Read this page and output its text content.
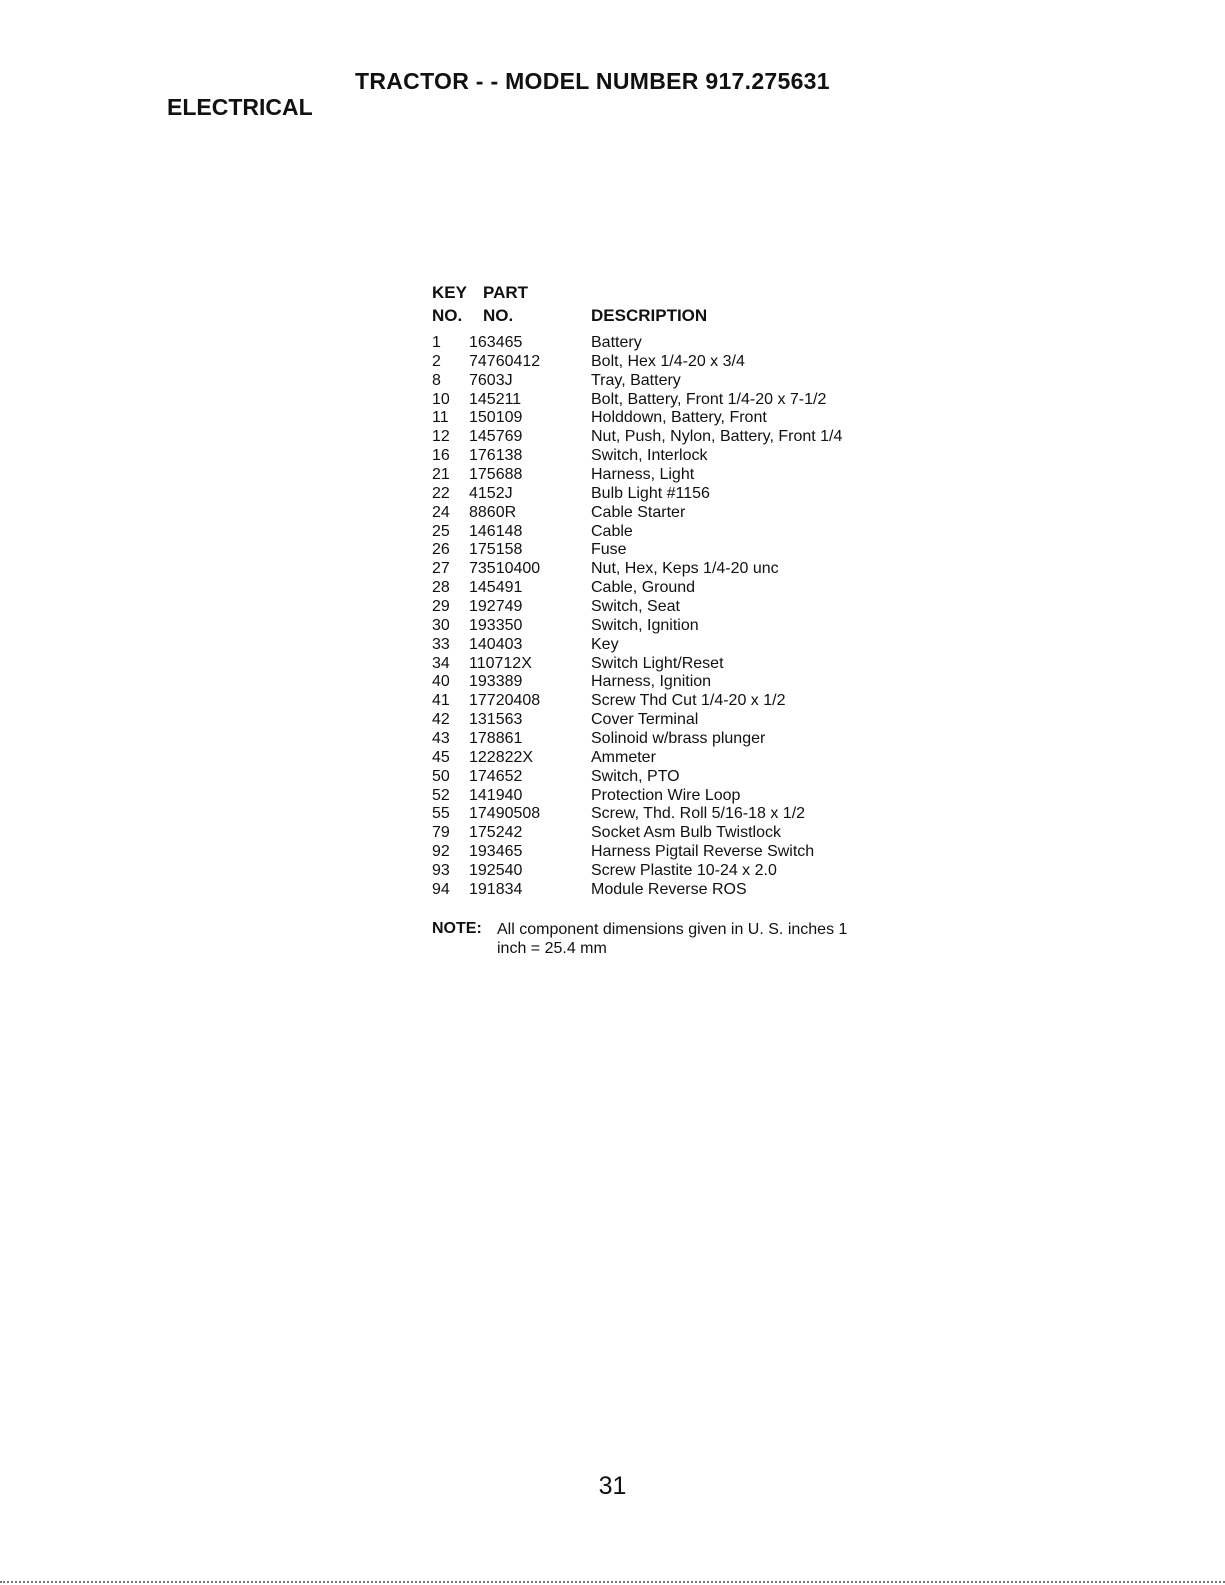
TRACTOR - - MODEL NUMBER 917.275631
ELECTRICAL
KEY
NO.
PART
NO.	DESCRIPTION
1 163465	Battery
2 74760412	Bolt, Hex 1/4-20 x 3/4
8 7603J	Tray, Battery
10 145211	Bolt, Battery, Front 1/4-20 x 7-1/2
11 150109	Holddown, Battery, Front
12 145769	Nut, Push, Nylon, Battery, Front 1/4
16 176138	Switch, Interlock
21 175688	Harness, Light
22 4152J	Bulb Light #1156
24 8860R	Cable Starter
25 146148	Cable
26 175158	Fuse
27 73510400	Nut, Hex, Keps 1/4-20 unc
28 145491	Cable, Ground
29 192749	Switch, Seat
30 193350	Switch, Ignition
33 140403	Key
34 110712X	Switch Light/Reset
40 193389	Harness, Ignition
41 17720408	Screw Thd Cut 1/4-20 x 1/2
42 131563	Cover Terminal
43 178861	Solinoid w/brass plunger
45 122822X	Ammeter
50 174652	Switch, PTO
52 141940	Protection Wire Loop
55 17490508	Screw, Thd. Roll 5/16-18 x 1/2
79 175242	Socket Asm Bulb Twistlock
92 193465	Harness Pigtail Reverse Switch
93 192540	Screw Plastite 10-24 x 2.0
94 191834	Module Reverse ROS
NOTE: All component dimensions given in U. S. inches 1 inch = 25.4 mm
31
